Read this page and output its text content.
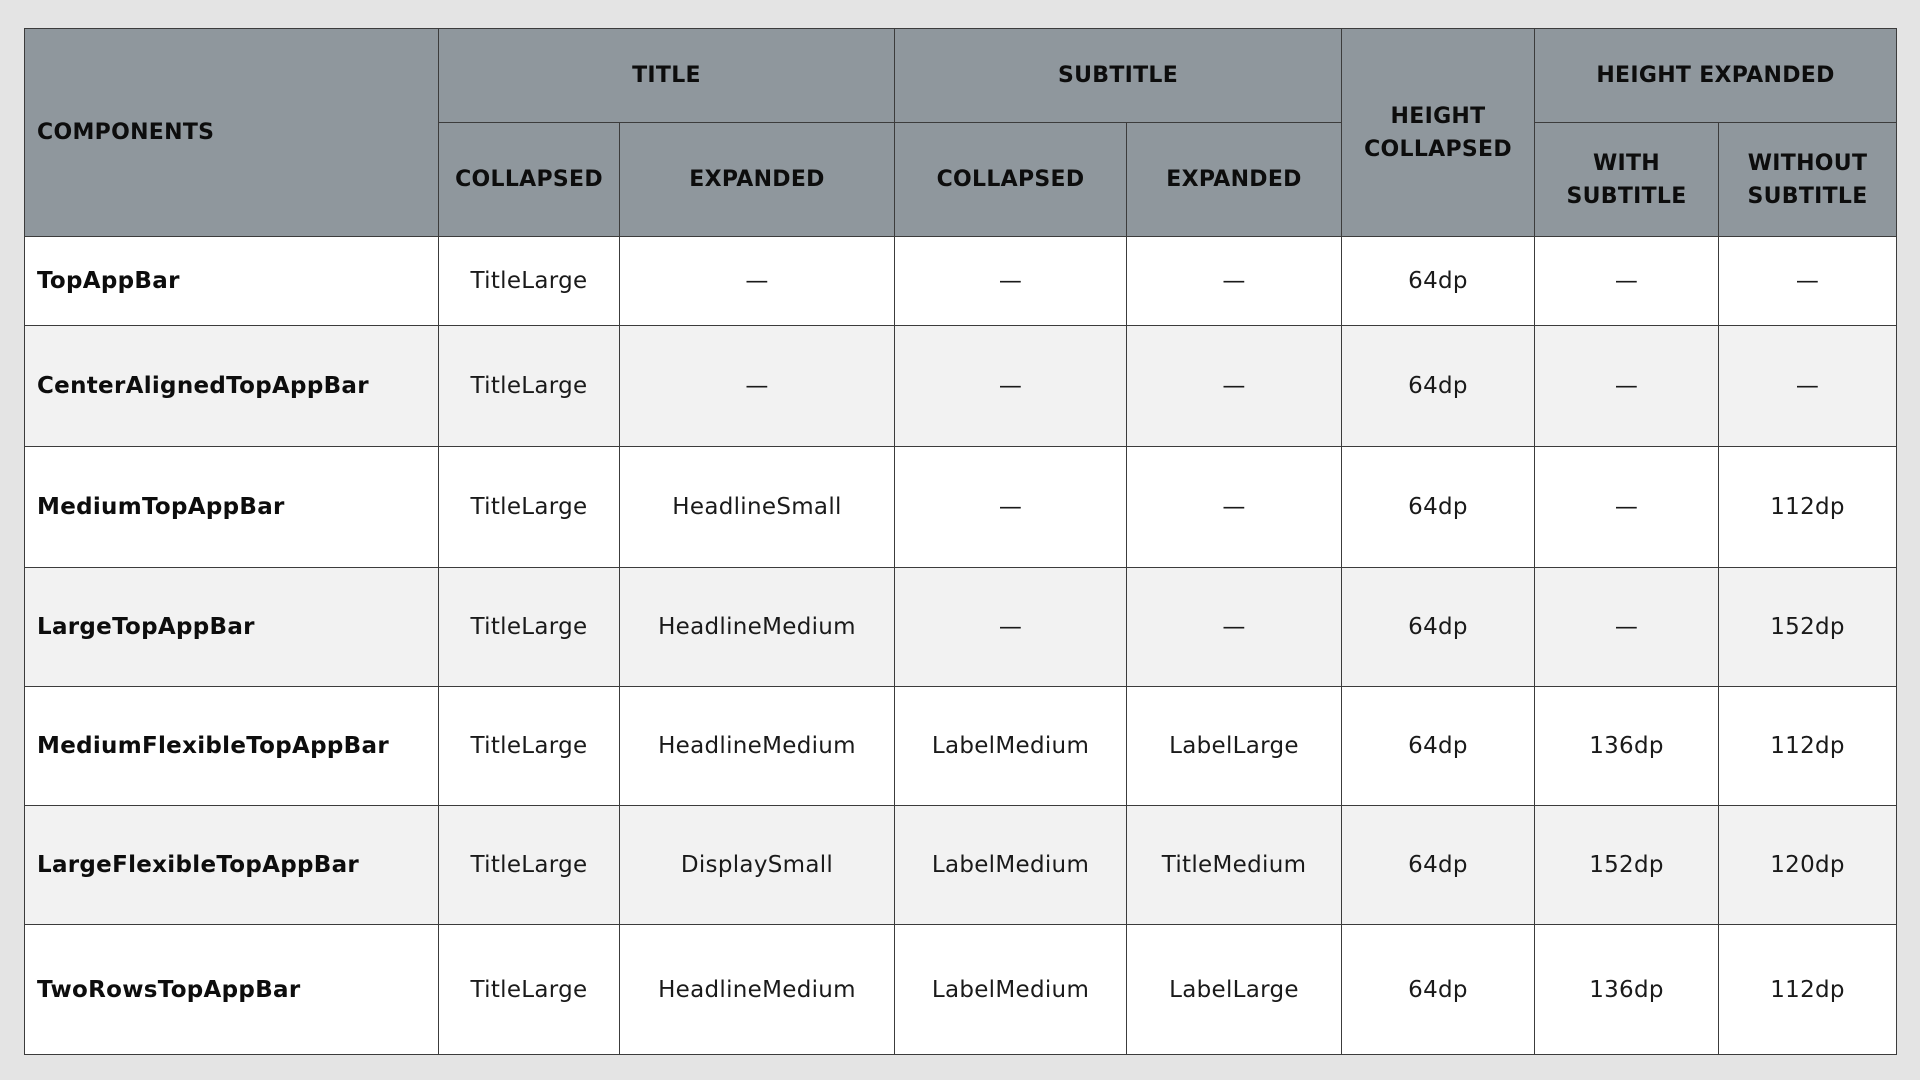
COMPONENTS	TITLE		SUBTITLE		HEIGHT COLLAPSED	HEIGHT EXPANDED	
	COLLAPSED	EXPANDED	COLLAPSED	EXPANDED		WITH SUBTITLE	WITHOUT SUBTITLE
TopAppBar	TitleLarge	—	—	—	64dp	—	—
CenterAlignedTopAppBar	TitleLarge	—	—	—	64dp	—	—
MediumTopAppBar	TitleLarge	HeadlineSmall	—	—	64dp	—	112dp
LargeTopAppBar	TitleLarge	HeadlineMedium	—	—	64dp	—	152dp
MediumFlexibleTopAppBar	TitleLarge	HeadlineMedium	LabelMedium	LabelLarge	64dp	136dp	112dp
LargeFlexibleTopAppBar	TitleLarge	DisplaySmall	LabelMedium	TitleMedium	64dp	152dp	120dp
TwoRowsTopAppBar	TitleLarge	HeadlineMedium	LabelMedium	LabelLarge	64dp	136dp	112dp
